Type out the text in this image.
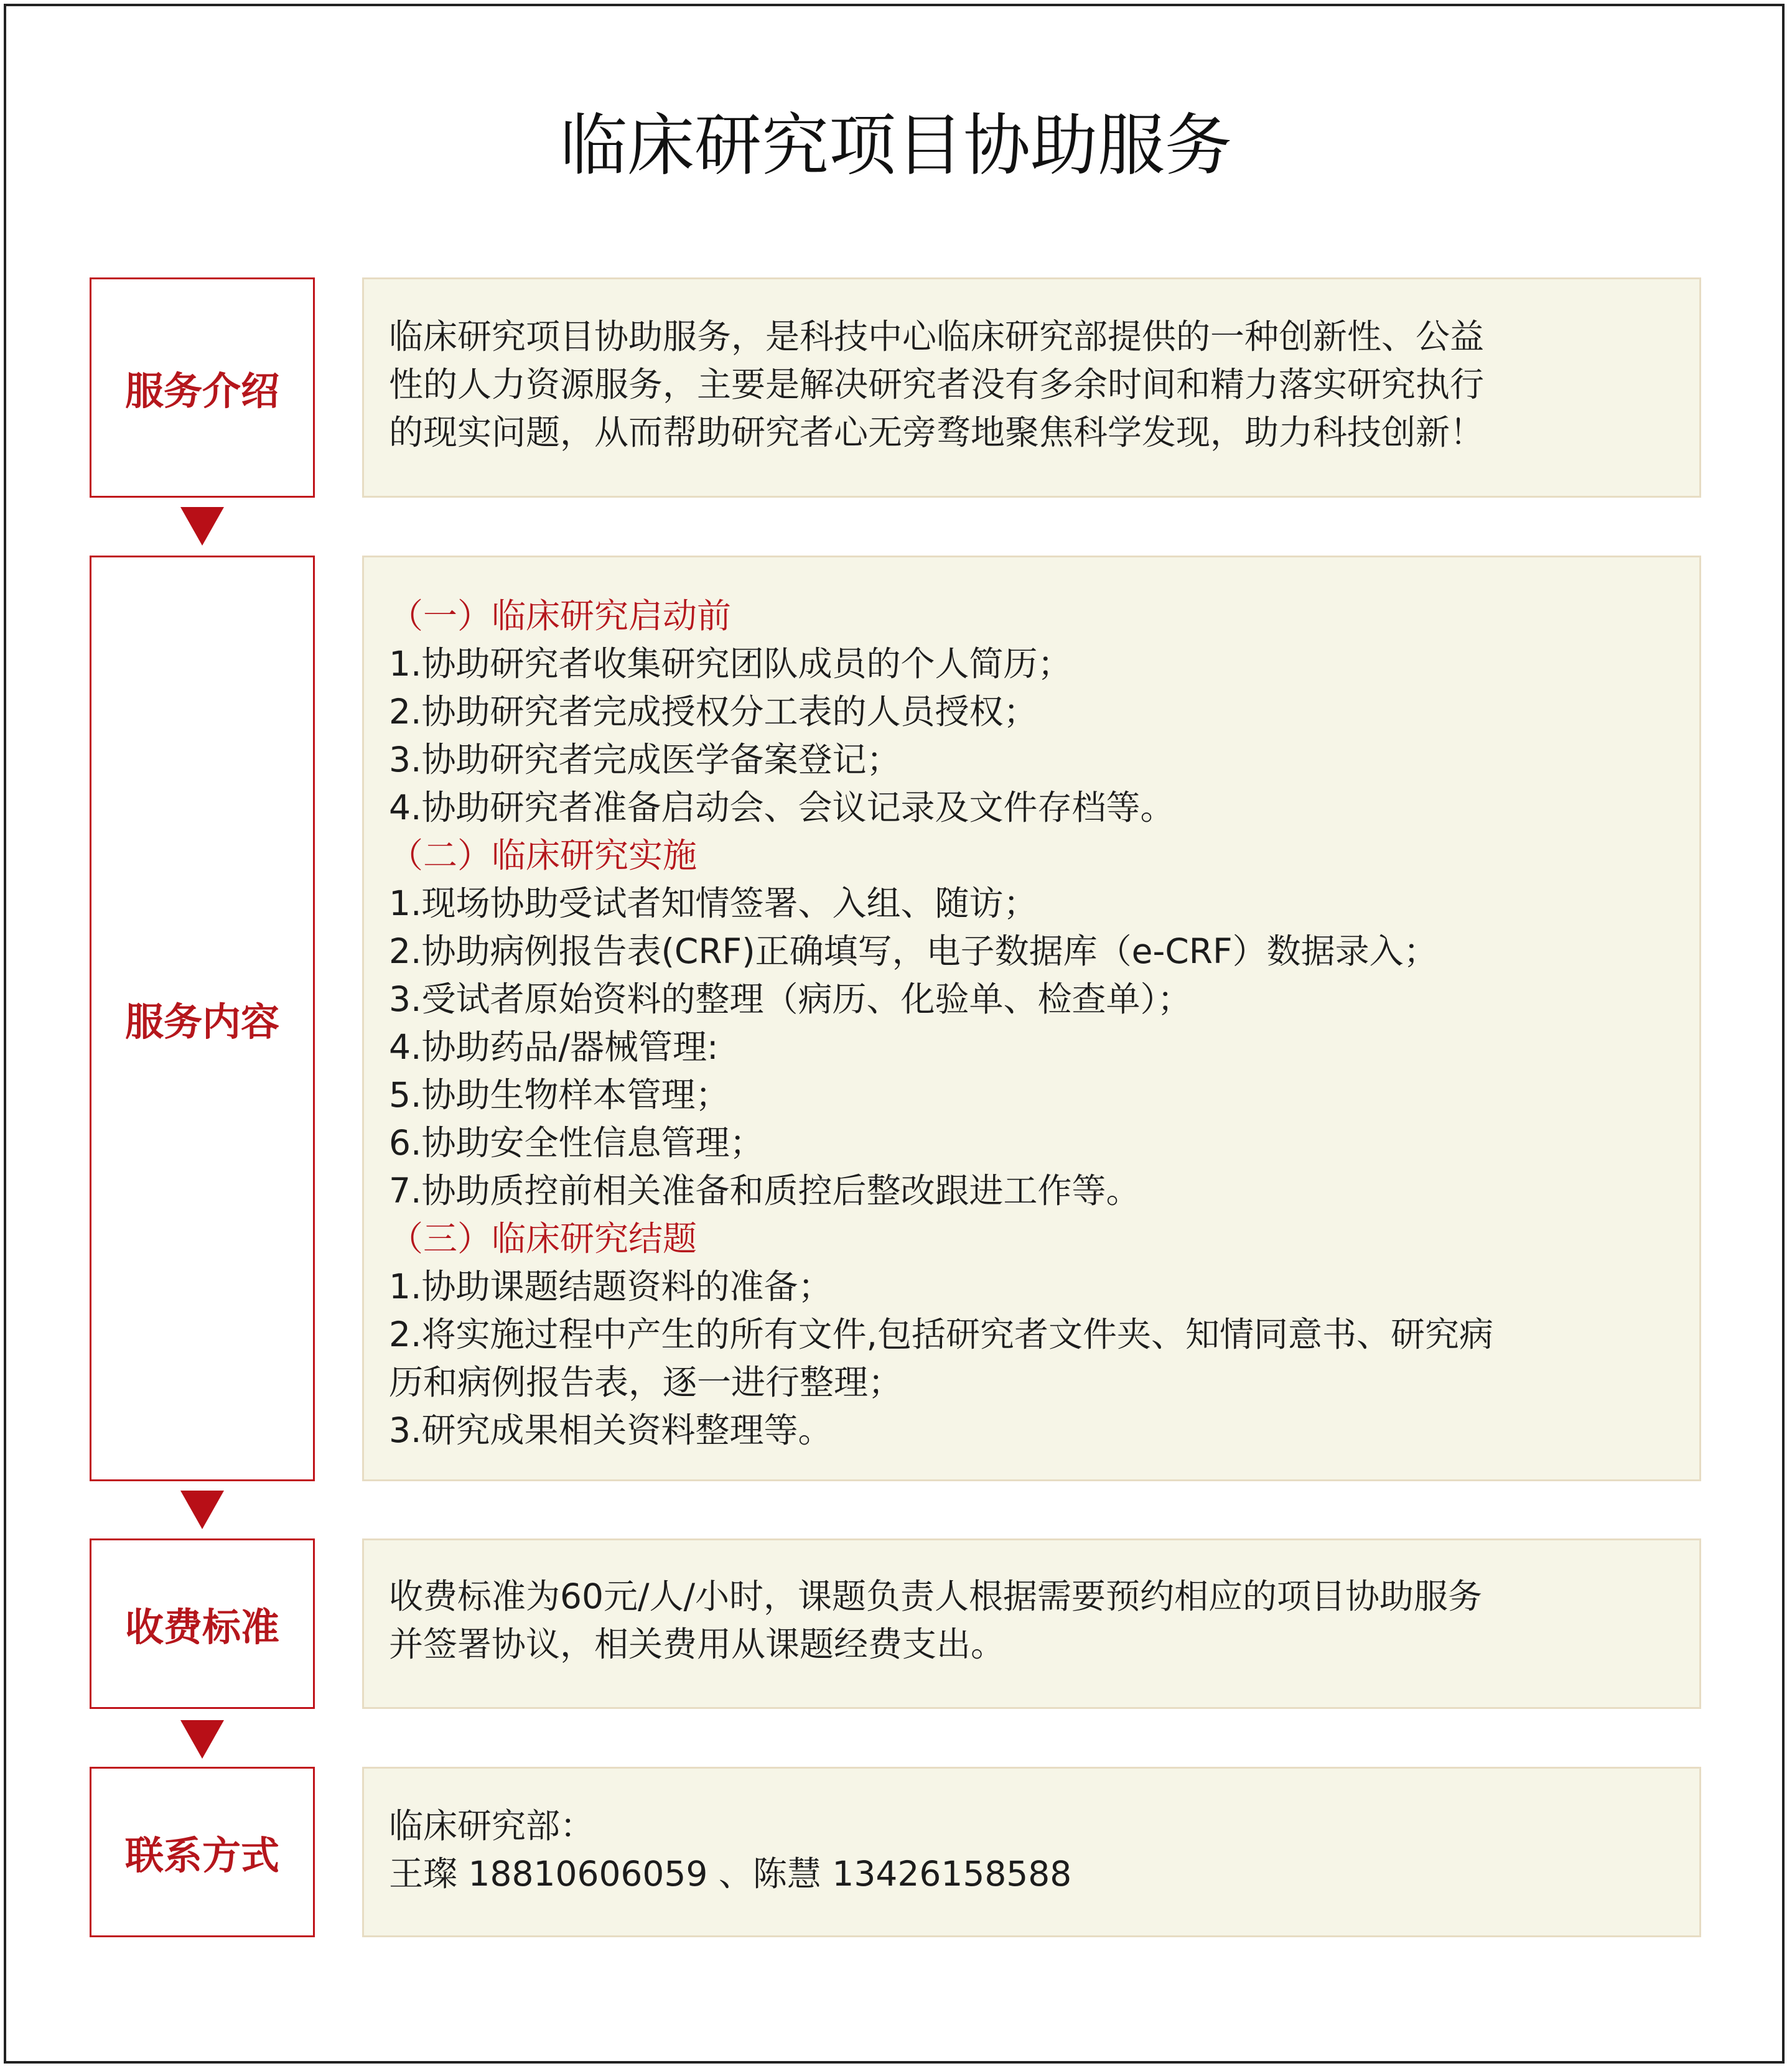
临床研究项目协助服务
服务介绍

临床研究项目协助服务，是科技中心临床研究部提供的一种创新性、公益

性的人力资源服务，主要是解决研究者没有多余时间和精力落实研究执行

的现实问题，从而帮助研究者心无旁骛地聚焦科学发现，助力科技创新！

服务内容

（一）临床研究启动前

1.协助研究者收集研究团队成员的个人简历；

2.协助研究者完成授权分工表的人员授权；

3.协助研究者完成医学备案登记；

4.协助研究者准备启动会、会议记录及文件存档等。

（二）临床研究实施

1.现场协助受试者知情签署、入组、随访；

2.协助病例报告表(CRF)正确填写，电子数据库（e-CRF）数据录入；

3.受试者原始资料的整理（病历、化验单、检查单）；

4.协助药品/器械管理:

5.协助生物样本管理；

6.协助安全性信息管理；

7.协助质控前相关准备和质控后整改跟进工作等。

（三）临床研究结题

1.协助课题结题资料的准备；

2.将实施过程中产生的所有文件,包括研究者文件夹、知情同意书、研究病

历和病例报告表，逐一进行整理；

3.研究成果相关资料整理等。

收费标准

收费标准为60元/人/小时，课题负责人根据需要预约相应的项目协助服务

并签署协议，相关费用从课题经费支出。

联系方式

临床研究部：

王璨 18810606059 、陈慧 13426158588
